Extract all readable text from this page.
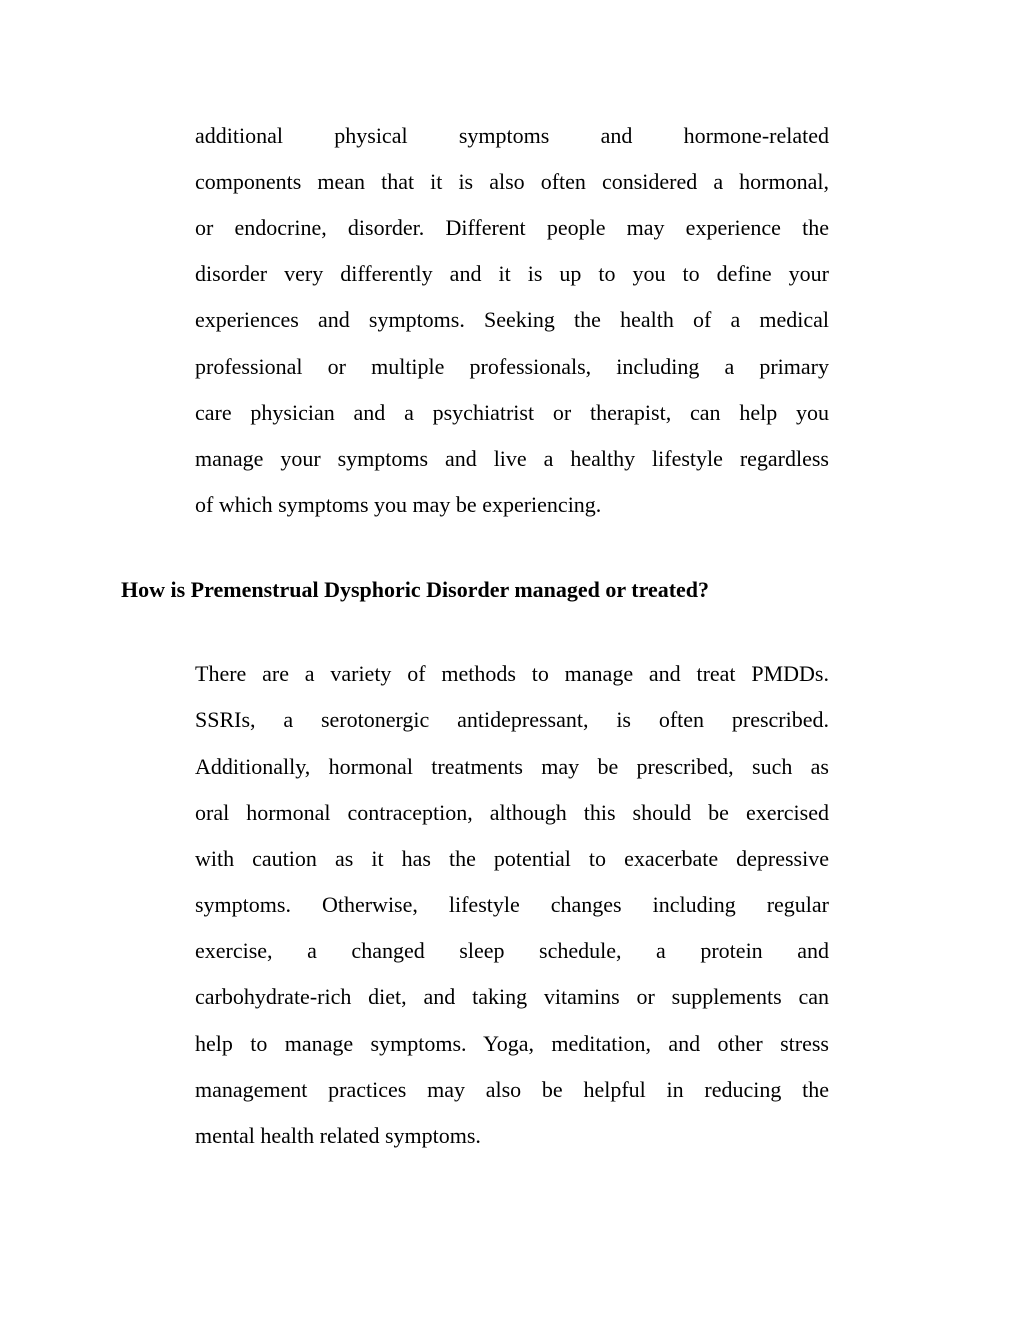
additional physical symptoms and hormone-related
components mean that it is also often considered a hormonal,
or endocrine, disorder. Different people may experience the
disorder very differently and it is up to you to define your
experiences and symptoms. Seeking the health of a medical
professional or multiple professionals, including a primary
care physician and a psychiatrist or therapist, can help you
manage your symptoms and live a healthy lifestyle regardless
of which symptoms you may be experiencing.
How is Premenstrual Dysphoric Disorder managed or treated?
There are a variety of methods to manage and treat PMDDs.
SSRIs, a serotonergic antidepressant, is often prescribed.
Additionally, hormonal treatments may be prescribed, such as
oral hormonal contraception, although this should be exercised
with caution as it has the potential to exacerbate depressive
symptoms. Otherwise, lifestyle changes including regular
exercise, a changed sleep schedule, a protein and
carbohydrate-rich diet, and taking vitamins or supplements can
help to manage symptoms. Yoga, meditation, and other stress
management practices may also be helpful in reducing the
mental health related symptoms.
